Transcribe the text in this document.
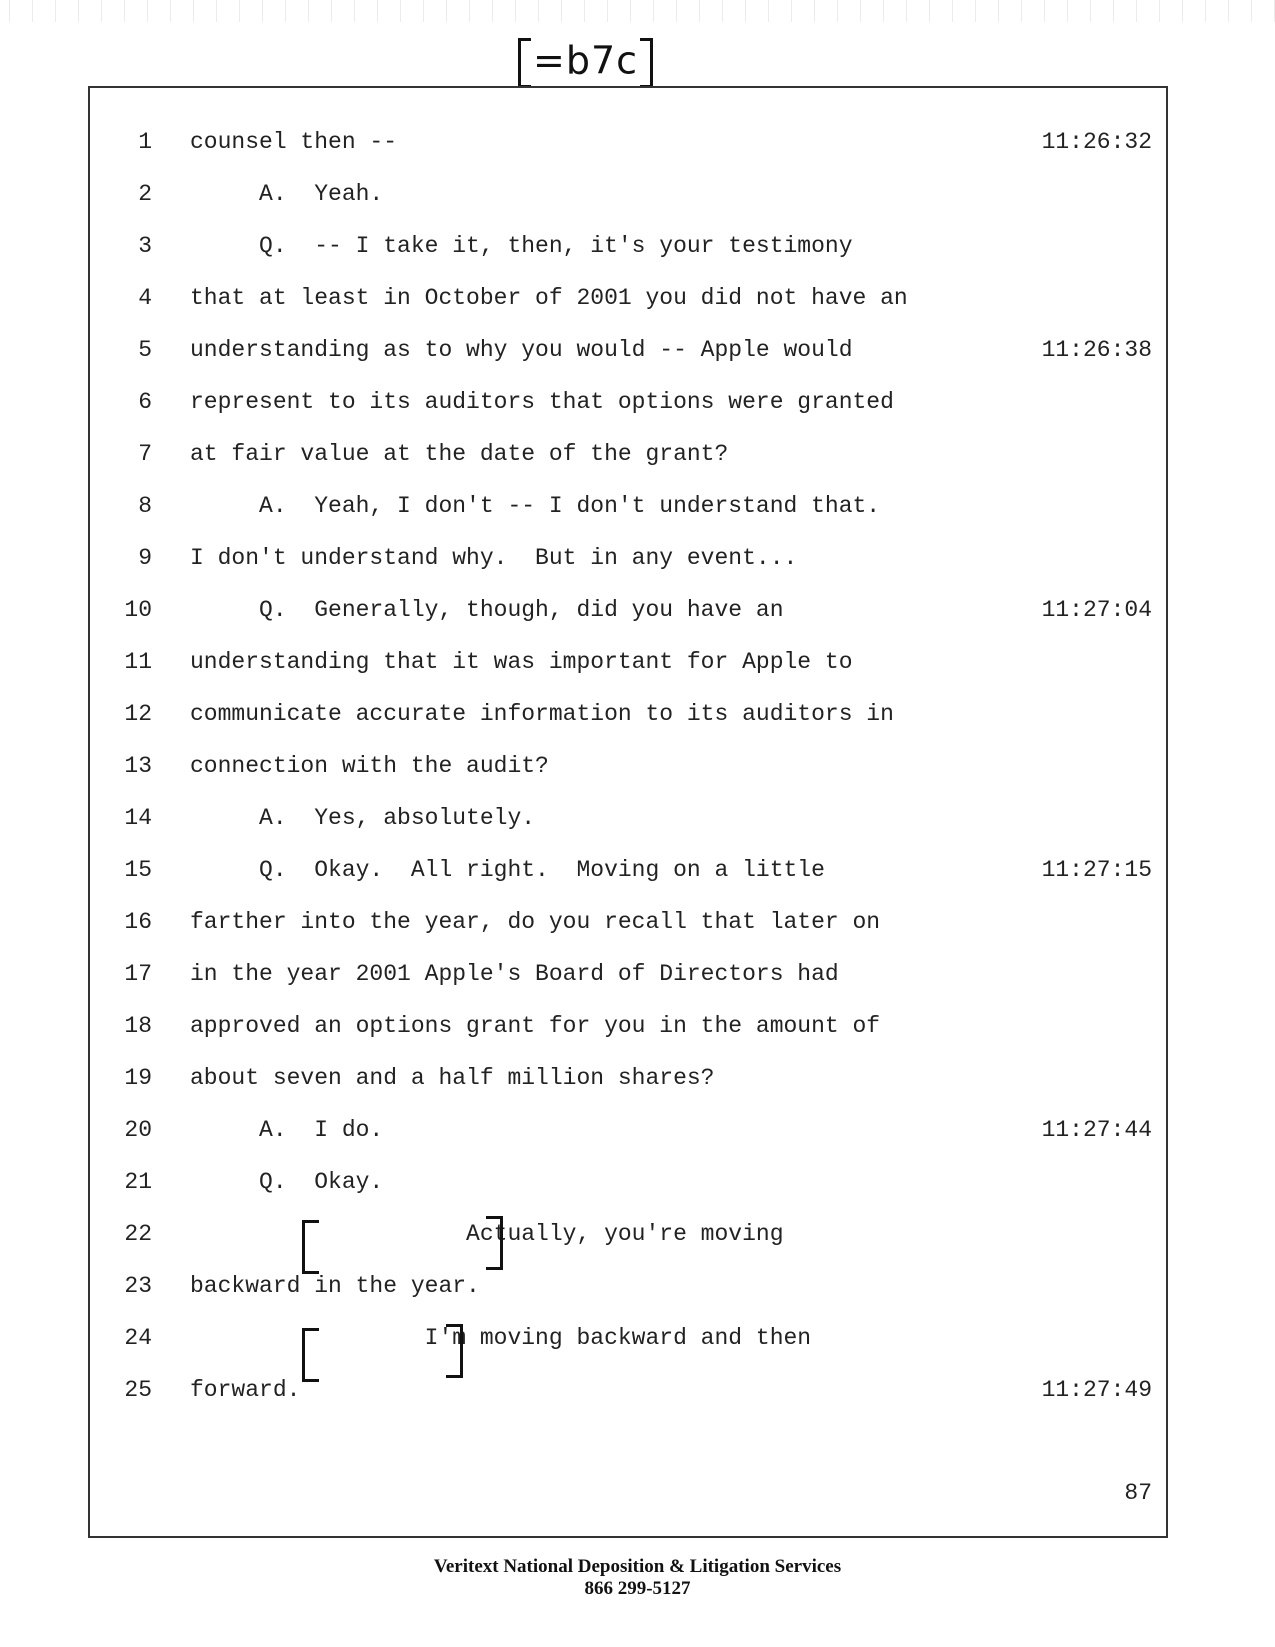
=b7c
1 counsel then --	11:26:32
2 A.  Yeah.
3 Q.  -- I take it, then, it's your testimony
4 that at least in October of 2001 you did not have an
5 understanding as to why you would -- Apple would	11:26:38
6 represent to its auditors that options were granted
7 at fair value at the date of the grant?
8 A.  Yeah, I don't -- I don't understand that.
9 I don't understand why.  But in any event...
10 Q.  Generally, though, did you have an	11:27:04
11 understanding that it was important for Apple to
12 communicate accurate information to its auditors in
13 connection with the audit?
14 A.  Yes, absolutely.
15 Q.  Okay.  All right.  Moving on a little	11:27:15
16 farther into the year, do you recall that later on
17 in the year 2001 Apple's Board of Directors had
18 approved an options grant for you in the amount of
19 about seven and a half million shares?
20 A.  I do.	11:27:44
21 Q.  Okay.
22 Actually, you're moving
23 backward in the year.
24 I'm moving backward and then
25 forward.	11:27:49
87
Veritext National Deposition & Litigation Services
866 299-5127
